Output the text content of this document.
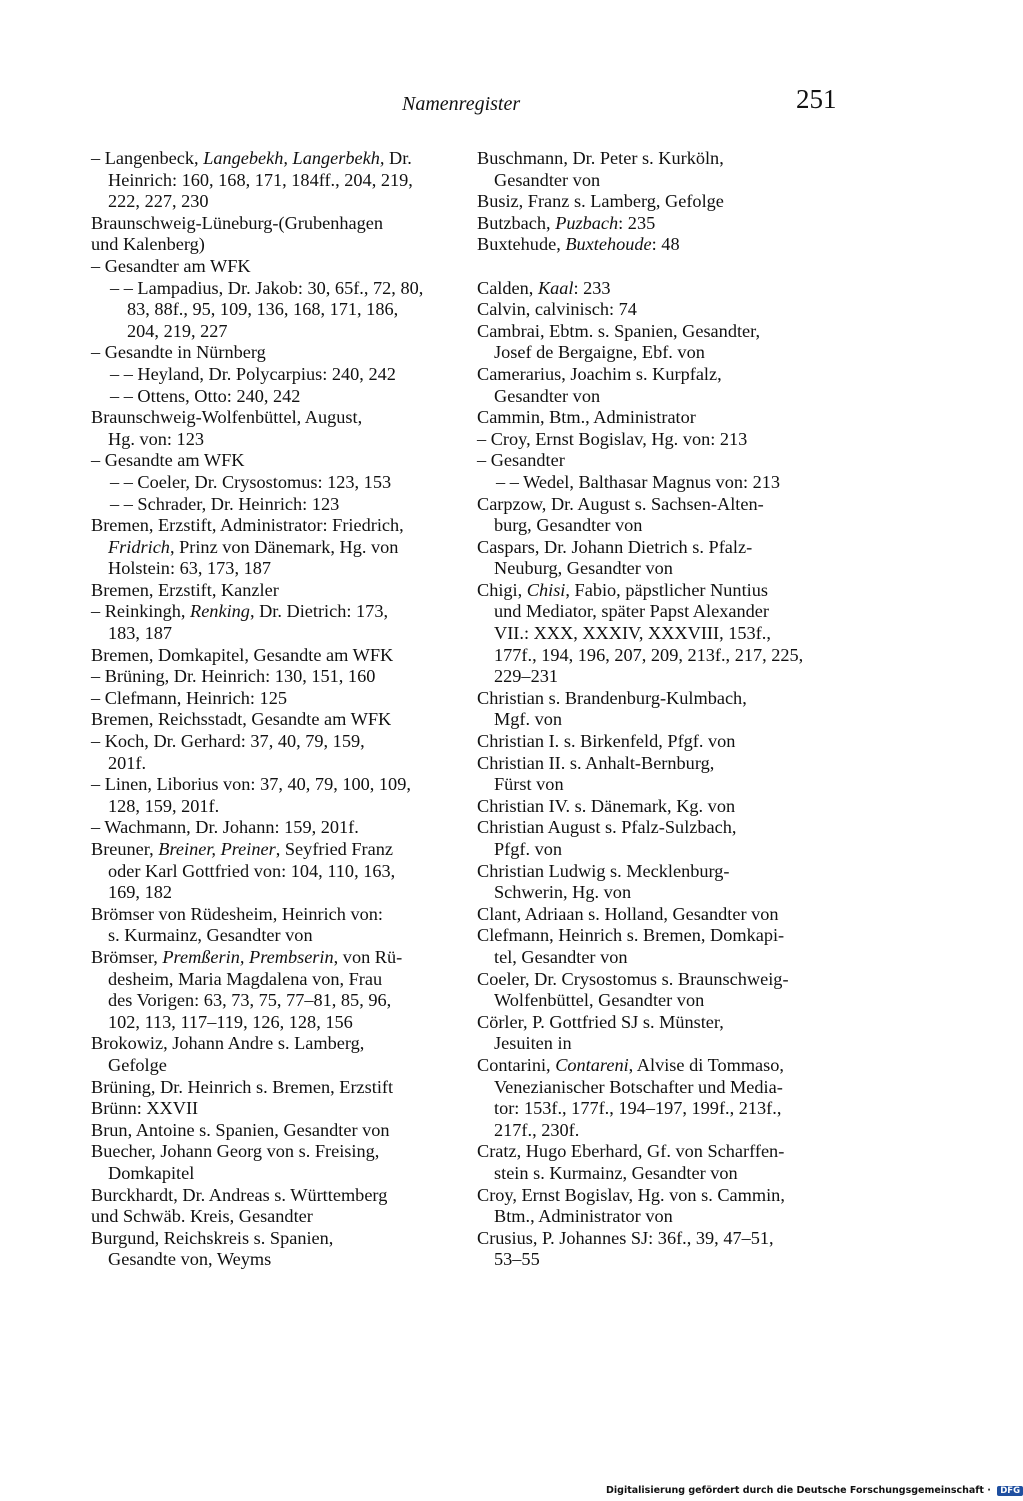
Namenregister	251
– Langenbeck, Langebekh, Langerbekh, Dr.
Heinrich: 160, 168, 171, 184ff., 204, 219,
222, 227, 230
Braunschweig-Lüneburg-(Grubenhagen
und Kalenberg)
– Gesandter am WFK
– – Lampadius, Dr. Jakob: 30, 65f., 72, 80,
83, 88f., 95, 109, 136, 168, 171, 186,
204, 219, 227
– Gesandte in Nürnberg
– – Heyland, Dr. Polycarpius: 240, 242
– – Ottens, Otto: 240, 242
Braunschweig-Wolfenbüttel, August,
Hg. von: 123
– Gesandte am WFK
– – Coeler, Dr. Crysostomus: 123, 153
– – Schrader, Dr. Heinrich: 123
Bremen, Erzstift, Administrator: Friedrich,
Fridrich, Prinz von Dänemark, Hg. von
Holstein: 63, 173, 187
Bremen, Erzstift, Kanzler
– Reinkingh, Renking, Dr. Dietrich: 173,
183, 187
Bremen, Domkapitel, Gesandte am WFK
– Brüning, Dr. Heinrich: 130, 151, 160
– Clefmann, Heinrich: 125
Bremen, Reichsstadt, Gesandte am WFK
– Koch, Dr. Gerhard: 37, 40, 79, 159,
201f.
– Linen, Liborius von: 37, 40, 79, 100, 109,
128, 159, 201f.
– Wachmann, Dr. Johann: 159, 201f.
Breuner, Breiner, Preiner, Seyfried Franz
oder Karl Gottfried von: 104, 110, 163,
169, 182
Brömser von Rüdesheim, Heinrich von:
s. Kurmainz, Gesandter von
Brömser, Premßerin, Prembserin, von Rü-
desheim, Maria Magdalena von, Frau
des Vorigen: 63, 73, 75, 77–81, 85, 96,
102, 113, 117–119, 126, 128, 156
Brokowiz, Johann Andre s. Lamberg,
Gefolge
Brüning, Dr. Heinrich s. Bremen, Erzstift
Brünn: XXVII
Brun, Antoine s. Spanien, Gesandter von
Buecher, Johann Georg von s. Freising,
Domkapitel
Burckhardt, Dr. Andreas s. Württemberg
und Schwäb. Kreis, Gesandter
Burgund, Reichskreis s. Spanien,
Gesandte von, Weyms
Buschmann, Dr. Peter s. Kurköln,
Gesandter von
Busiz, Franz s. Lamberg, Gefolge
Butzbach, Puzbach: 235
Buxtehude, Buxtehoude: 48
Calden, Kaal: 233
Calvin, calvinisch: 74
Cambrai, Ebtm. s. Spanien, Gesandter,
Josef de Bergaigne, Ebf. von
Camerarius, Joachim s. Kurpfalz,
Gesandter von
Cammin, Btm., Administrator
– Croy, Ernst Bogislav, Hg. von: 213
– Gesandter
– – Wedel, Balthasar Magnus von: 213
Carpzow, Dr. August s. Sachsen-Alten-
burg, Gesandter von
Caspars, Dr. Johann Dietrich s. Pfalz-
Neuburg, Gesandter von
Chigi, Chisi, Fabio, päpstlicher Nuntius
und Mediator, später Papst Alexander
VII.: XXX, XXXIV, XXXVIII, 153f.,
177f., 194, 196, 207, 209, 213f., 217, 225,
229–231
Christian s. Brandenburg-Kulmbach,
Mgf. von
Christian I. s. Birkenfeld, Pfgf. von
Christian II. s. Anhalt-Bernburg,
Fürst von
Christian IV. s. Dänemark, Kg. von
Christian August s. Pfalz-Sulzbach,
Pfgf. von
Christian Ludwig s. Mecklenburg-
Schwerin, Hg. von
Clant, Adriaan s. Holland, Gesandter von
Clefmann, Heinrich s. Bremen, Domkapi-
tel, Gesandter von
Coeler, Dr. Crysostomus s. Braunschweig-
Wolfenbüttel, Gesandter von
Cörler, P. Gottfried SJ s. Münster,
Jesuiten in
Contarini, Contareni, Alvise di Tommaso,
Venezianischer Botschafter und Media-
tor: 153f., 177f., 194–197, 199f., 213f.,
217f., 230f.
Cratz, Hugo Eberhard, Gf. von Scharffen-
stein s. Kurmainz, Gesandter von
Croy, Ernst Bogislav, Hg. von s. Cammin,
Btm., Administrator von
Crusius, P. Johannes SJ: 36f., 39, 47–51,
53–55
Digitalisierung gefördert durch die Deutsche Forschungsgemeinschaft · DFG
